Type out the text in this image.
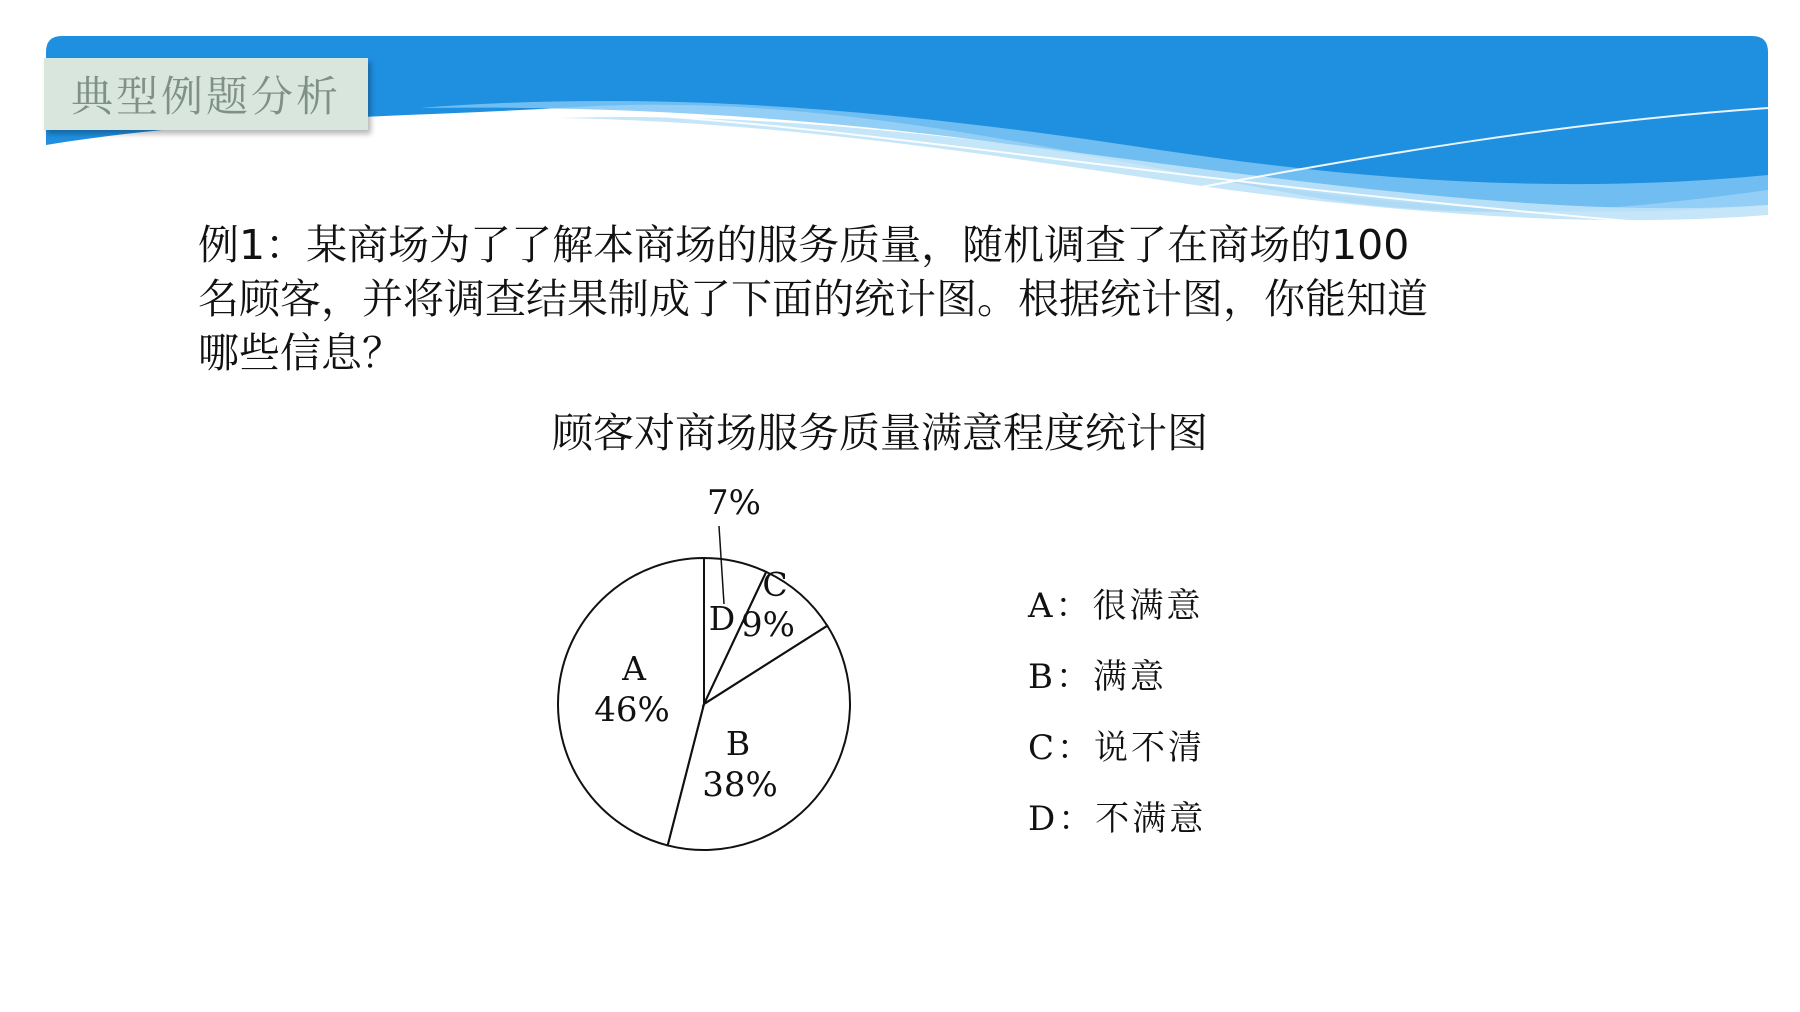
典型例题分析
例1：某商场为了了解本商场的服务质量，随机调查了在商场的100
名顾客，并将调查结果制成了下面的统计图。根据统计图，你能知道
哪些信息？
顾客对商场服务质量满意程度统计图
D
7%
C
9%
B
38%
A
46%
A：很满意
B：满意
C：说不清
D：不满意
